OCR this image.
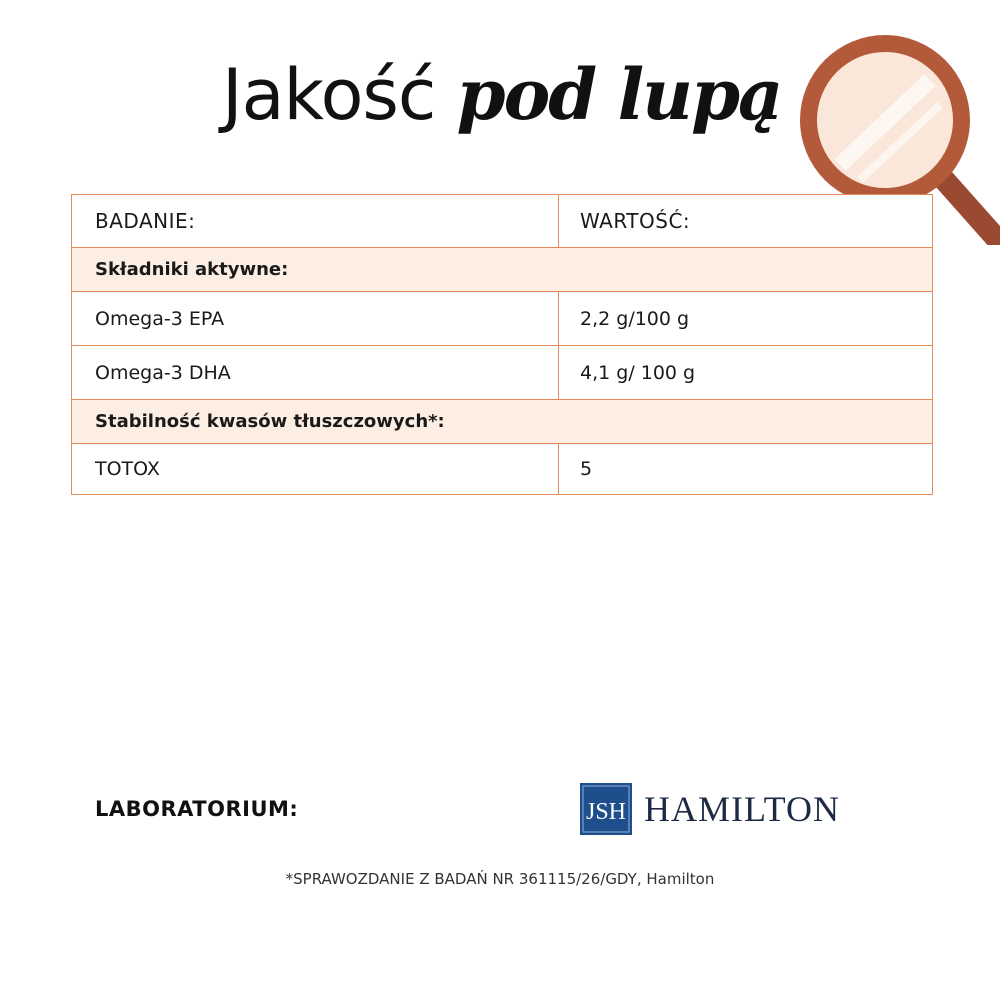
Jakość pod lupą
BADANIE:	WARTOŚĆ:
Składniki aktywne:
Omega-3 EPA	2,2 g/100 g
Omega-3 DHA	4,1 g/ 100 g
Stabilność kwasów tłuszczowych*:
TOTOX	5
LABORATORIUM:	JSH HAMILTON
*SPRAWOZDANIE Z BADAŃ NR 361115/26/GDY, Hamilton
